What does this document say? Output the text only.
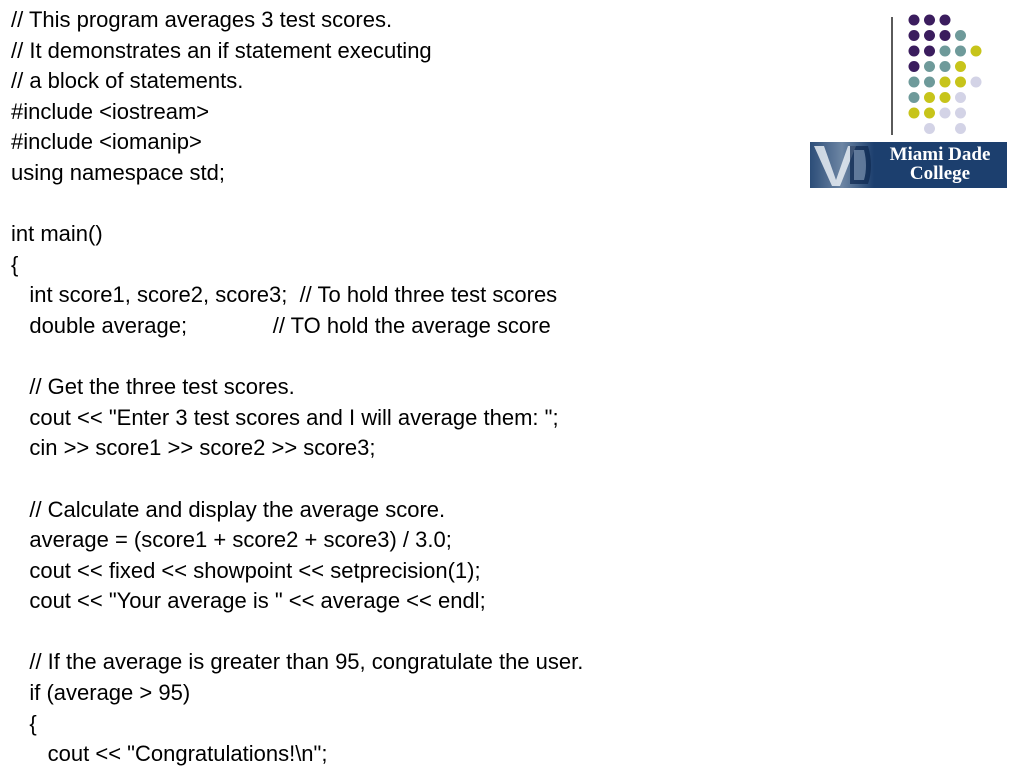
// This program averages 3 test scores.
// It demonstrates an if statement executing
// a block of statements.
#include <iostream>
#include <iomanip>
using namespace std;
int main()
{
int score1, score2, score3;  // To hold three test scores
double average;              // TO hold the average score
// Get the three test scores.
cout << "Enter 3 test scores and I will average them: ";
cin >> score1 >> score2 >> score3;
// Calculate and display the average score.
average = (score1 + score2 + score3) / 3.0;
cout << fixed << showpoint << setprecision(1);
cout << "Your average is " << average << endl;
// If the average is greater than 95, congratulate the user.
if (average > 95)
{
cout << "Congratulations!\n";
Miami Dade
College
